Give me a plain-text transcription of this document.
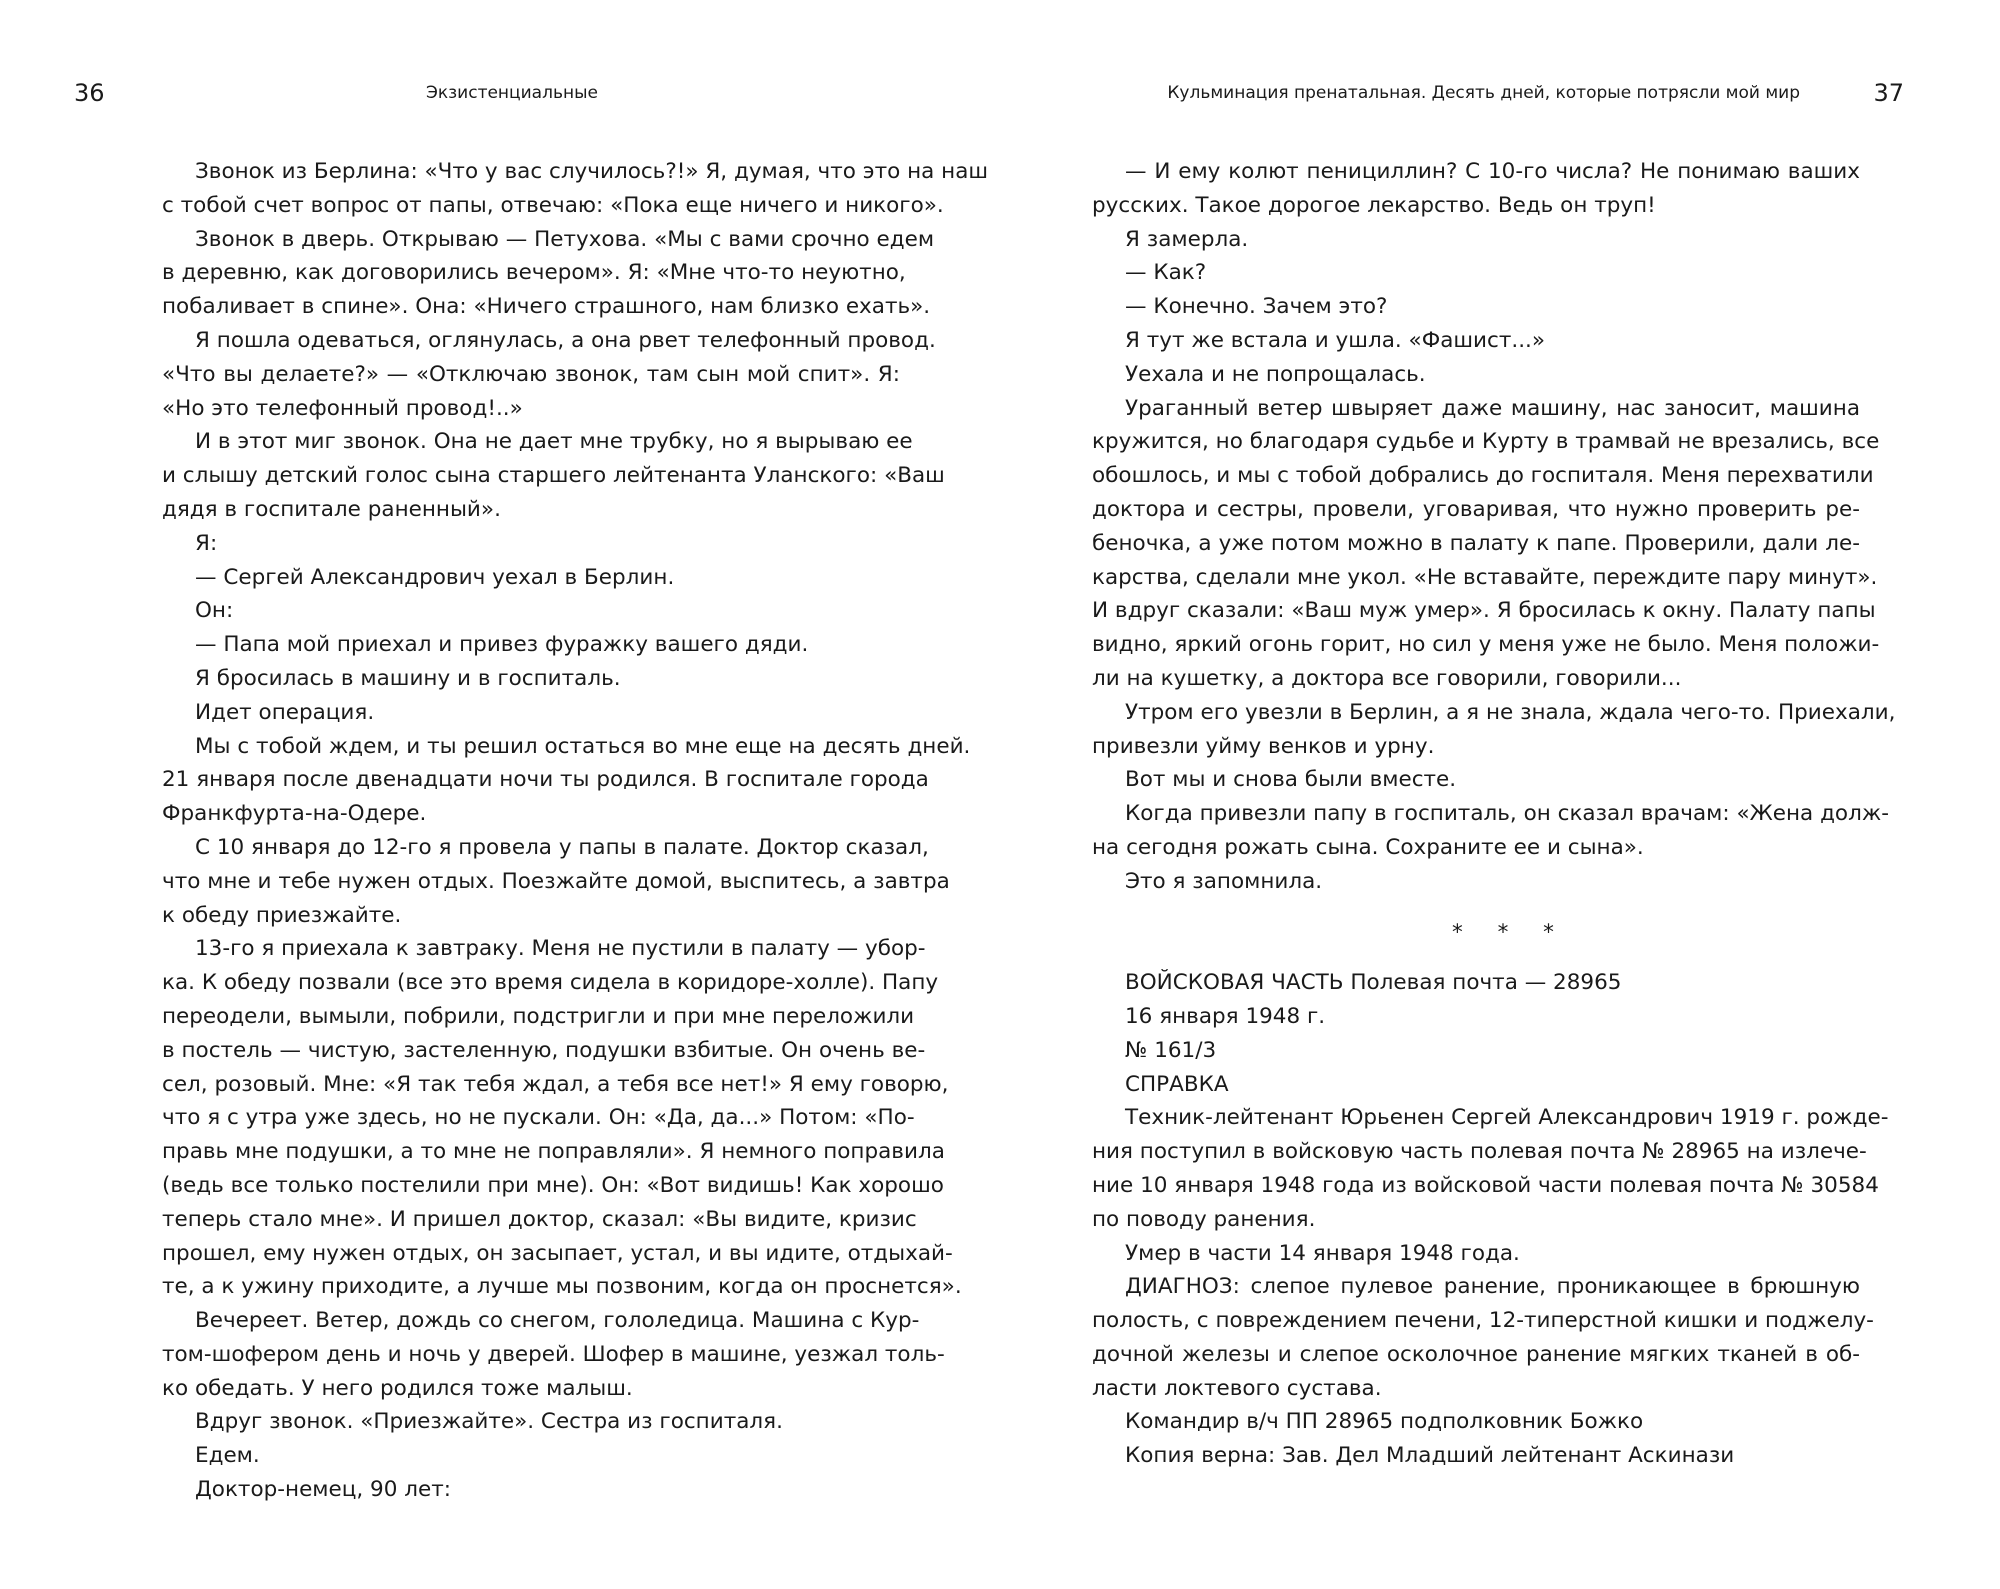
36	Экзистенциальные
Звонок из Берлина: «Что у вас случилось?!» Я, думая, что это на наш
с тобой счет вопрос от папы, отвечаю: «Пока еще ничего и никого».
Звонок в дверь. Открываю — Петухова. «Мы с вами срочно едем
в деревню, как договорились вечером». Я: «Мне что-то неуютно,
побаливает в спине». Она: «Ничего страшного, нам близко ехать».
Я пошла одеваться, оглянулась, а она рвет телефонный провод.
«Что вы делаете?» — «Отключаю звонок, там сын мой спит». Я:
«Но это телефонный провод!..»
И в этот миг звонок. Она не дает мне трубку, но я вырываю ее
и слышу детский голос сына старшего лейтенанта Уланского: «Ваш
дядя в госпитале раненный».
Я:
— Сергей Александрович уехал в Берлин.
Он:
— Папа мой приехал и привез фуражку вашего дяди.
Я бросилась в машину и в госпиталь.
Идет операция.
Мы с тобой ждем, и ты решил остаться во мне еще на десять дней.
21 января после двенадцати ночи ты родился. В госпитале города
Франкфурта-на-Одере.
С 10 января до 12-го я провела у папы в палате. Доктор сказал,
что мне и тебе нужен отдых. Поезжайте домой, выспитесь, а завтра
к обеду приезжайте.
13-го я приехала к завтраку. Меня не пустили в палату — убор-
ка. К обеду позвали (все это время сидела в коридоре-холле). Папу
переодели, вымыли, побрили, подстригли и при мне переложили
в постель — чистую, застеленную, подушки взбитые. Он очень ве-
сел, розовый. Мне: «Я так тебя ждал, а тебя все нет!» Я ему говорю,
что я с утра уже здесь, но не пускали. Он: «Да, да...» Потом: «По-
правь мне подушки, а то мне не поправляли». Я немного поправила
(ведь все только постелили при мне). Он: «Вот видишь! Как хорошо
теперь стало мне». И пришел доктор, сказал: «Вы видите, кризис
прошел, ему нужен отдых, он засыпает, устал, и вы идите, отдыхай-
те, а к ужину приходите, а лучше мы позвоним, когда он проснется».
Вечереет. Ветер, дождь со снегом, гололедица. Машина с Кур-
том-шофером день и ночь у дверей. Шофер в машине, уезжал толь-
ко обедать. У него родился тоже малыш.
Вдруг звонок. «Приезжайте». Сестра из госпиталя.
Едем.
Доктор-немец, 90 лет:
37
Кульминация пренатальная. Десять дней, которые потрясли мой мир
— И ему колют пенициллин? С 10-го числа? Не понимаю ваших
русских. Такое дорогое лекарство. Ведь он труп!
Я замерла.
— Как?
— Конечно. Зачем это?
Я тут же встала и ушла. «Фашист...»
Уехала и не попрощалась.
Ураганный ветер швыряет даже машину, нас заносит, машина
кружится, но благодаря судьбе и Курту в трамвай не врезались, все
обошлось, и мы с тобой добрались до госпиталя. Меня перехватили
доктора и сестры, провели, уговаривая, что нужно проверить ре-
беночка, а уже потом можно в палату к папе. Проверили, дали ле-
карства, сделали мне укол. «Не вставайте, переждите пару минут».
И вдруг сказали: «Ваш муж умер». Я бросилась к окну. Палату папы
видно, яркий огонь горит, но сил у меня уже не было. Меня положи-
ли на кушетку, а доктора все говорили, говорили...
Утром его увезли в Берлин, а я не знала, ждала чего-то. Приехали,
привезли уйму венков и урну.
Вот мы и снова были вместе.
Когда привезли папу в госпиталь, он сказал врачам: «Жена долж-
на сегодня рожать сына. Сохраните ее и сына».
Это я запомнила.
* * *
ВОЙСКОВАЯ ЧАСТЬ Полевая почта — 28965
16 января 1948 г.
№ 161/3
СПРАВКА
Техник-лейтенант Юрьенен Сергей Александрович 1919 г. рожде-
ния поступил в войсковую часть полевая почта № 28965 на излече-
ние 10 января 1948 года из войсковой части полевая почта № 30584
по поводу ранения.
Умер в части 14 января 1948 года.
ДИАГНОЗ: слепое пулевое ранение, проникающее в брюшную
полость, с повреждением печени, 12-типерстной кишки и поджелу-
дочной железы и слепое осколочное ранение мягких тканей в об-
ласти локтевого сустава.
Командир в/ч ПП 28965 подполковник Божко
Копия верна: Зав. Дел Младший лейтенант Аскинази
